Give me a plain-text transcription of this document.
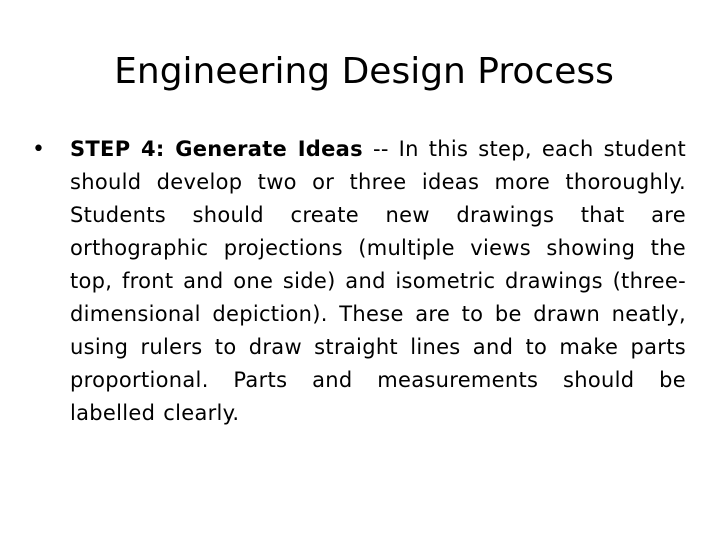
Engineering Design Process
• STEP 4: Generate Ideas -- In this step, each student should develop two or three ideas more thoroughly. Students should create new drawings that are orthographic projections (multiple views showing the top, front and one side) and isometric drawings (three-dimensional depiction). These are to be drawn neatly, using rulers to draw straight lines and to make parts proportional. Parts and measurements should be labelled clearly.
